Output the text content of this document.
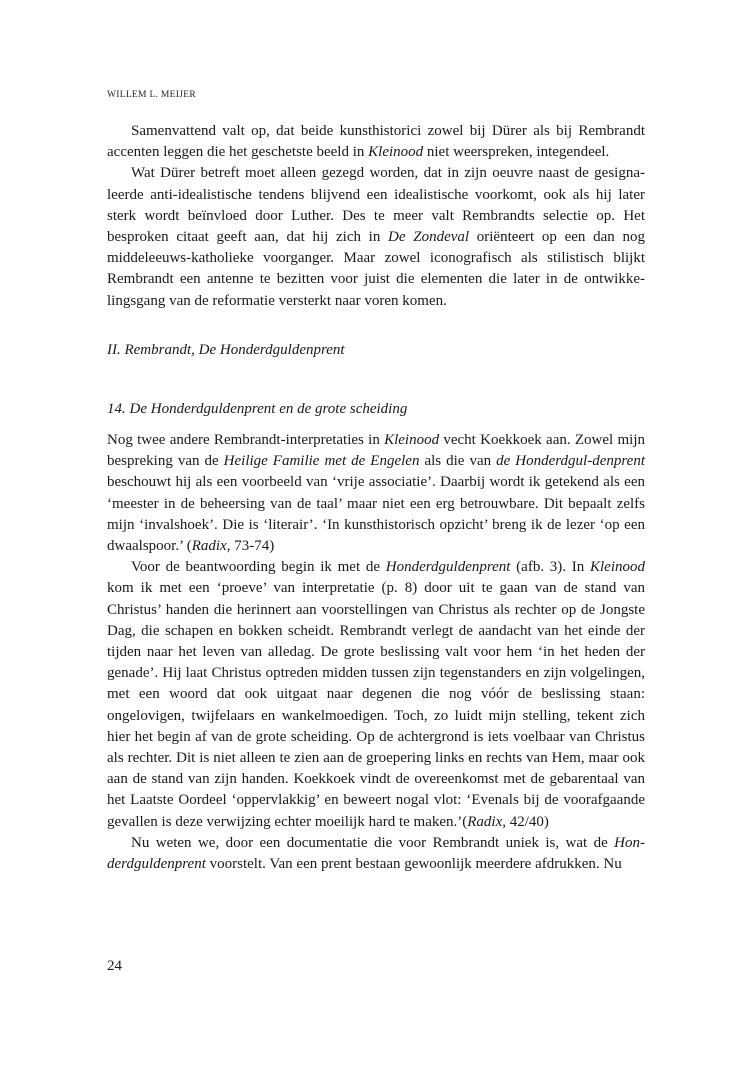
WILLEM L. MEIJER

Samenvattend valt op, dat beide kunsthistorici zowel bij Dürer als bij Rembrandt accenten leggen die het geschetste beeld in Kleinood niet weerspreken, integendeel.

Wat Dürer betreft moet alleen gezegd worden, dat in zijn oeuvre naast de gesigna-leerde anti-idealistische tendens blijvend een idealistische voorkomt, ook als hij later sterk wordt beïnvloed door Luther. Des te meer valt Rembrandts selectie op. Het besproken citaat geeft aan, dat hij zich in De Zondeval oriënteert op een dan nog middeleeuws-katholieke voorganger. Maar zowel iconografisch als stilistisch blijkt Rembrandt een antenne te bezitten voor juist die elementen die later in de ontwikke-lingsgang van de reformatie versterkt naar voren komen.

II. Rembrandt, De Honderdguldenprent
14. De Honderdguldenprent en de grote scheiding

Nog twee andere Rembrandt-interpretaties in Kleinood vecht Koekkoek aan. Zowel mijn bespreking van de Heilige Familie met de Engelen als die van de Honderdgul-denprent beschouwt hij als een voorbeeld van ‘vrije associatie’. Daarbij wordt ik getekend als een ‘meester in de beheersing van de taal’ maar niet een erg betrouwbare. Dit bepaalt zelfs mijn ‘invalshoek’. Die is ‘literair’. ‘In kunsthistorisch opzicht’ breng ik de lezer ‘op een dwaalspoor.’ (Radix, 73-74)

Voor de beantwoording begin ik met de Honderdguldenprent (afb. 3). In Kleinood kom ik met een ‘proeve’ van interpretatie (p. 8) door uit te gaan van de stand van Christus’ handen die herinnert aan voorstellingen van Christus als rechter op de Jongste Dag, die schapen en bokken scheidt. Rembrandt verlegt de aandacht van het einde der tijden naar het leven van alledag. De grote beslissing valt voor hem ‘in het heden der genade’. Hij laat Christus optreden midden tussen zijn tegenstanders en zijn volgelingen, met een woord dat ook uitgaat naar degenen die nog vóór de beslissing staan: ongelovigen, twijfelaars en wankelmoedigen. Toch, zo luidt mijn stelling, tekent zich hier het begin af van de grote scheiding. Op de achtergrond is iets voelbaar van Christus als rechter. Dit is niet alleen te zien aan de groepering links en rechts van Hem, maar ook aan de stand van zijn handen. Koekkoek vindt de overeenkomst met de gebarentaal van het Laatste Oordeel ‘oppervlakkig’ en beweert nogal vlot: ‘Evenals bij de voorafgaande gevallen is deze verwijzing echter moeilijk hard te maken.’(Radix, 42/40)

Nu weten we, door een documentatie die voor Rembrandt uniek is, wat de Hon-derdguldenprent voorstelt. Van een prent bestaan gewoonlijk meerdere afdrukken. Nu

24
